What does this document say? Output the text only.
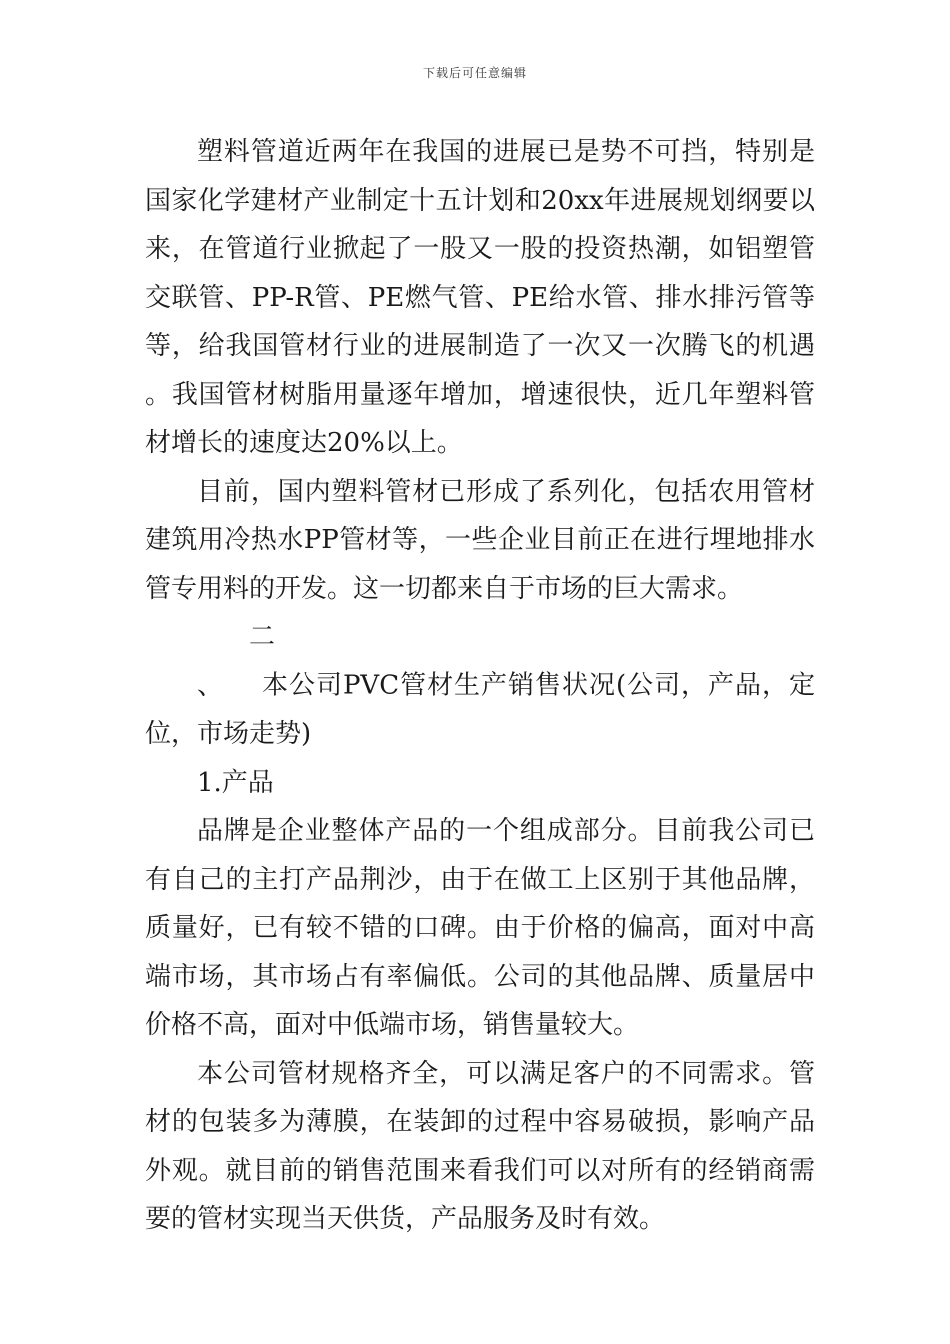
下载后可任意编辑

塑料管道近两年在我国的进展已是势不可挡，特别是国家化学建材产业制定十五计划和20xx年进展规划纲要以来，在管道行业掀起了一股又一股的投资热潮，如铝塑管交联管、PP-R管、PE燃气管、PE给水管、排水排污管等等，给我国管材行业的进展制造了一次又一次腾飞的机遇。我国管材树脂用量逐年增加，增速很快，近几年塑料管材增长的速度达20%以上。

目前，国内塑料管材已形成了系列化，包括农用管材建筑用冷热水PP管材等，一些企业目前正在进行埋地排水管专用料的开发。这一切都来自于市场的巨大需求。

二、 本公司PVC管材生产销售状况(公司，产品，定位，市场走势)

1.产品

品牌是企业整体产品的一个组成部分。目前我公司已有自己的主打产品荆沙，由于在做工上区别于其他品牌，质量好，已有较不错的口碑。由于价格的偏高，面对中高端市场，其市场占有率偏低。公司的其他品牌、质量居中价格不高，面对中低端市场，销售量较大。

本公司管材规格齐全，可以满足客户的不同需求。管材的包装多为薄膜，在装卸的过程中容易破损，影响产品外观。就目前的销售范围来看我们可以对所有的经销商需要的管材实现当天供货，产品服务及时有效。
